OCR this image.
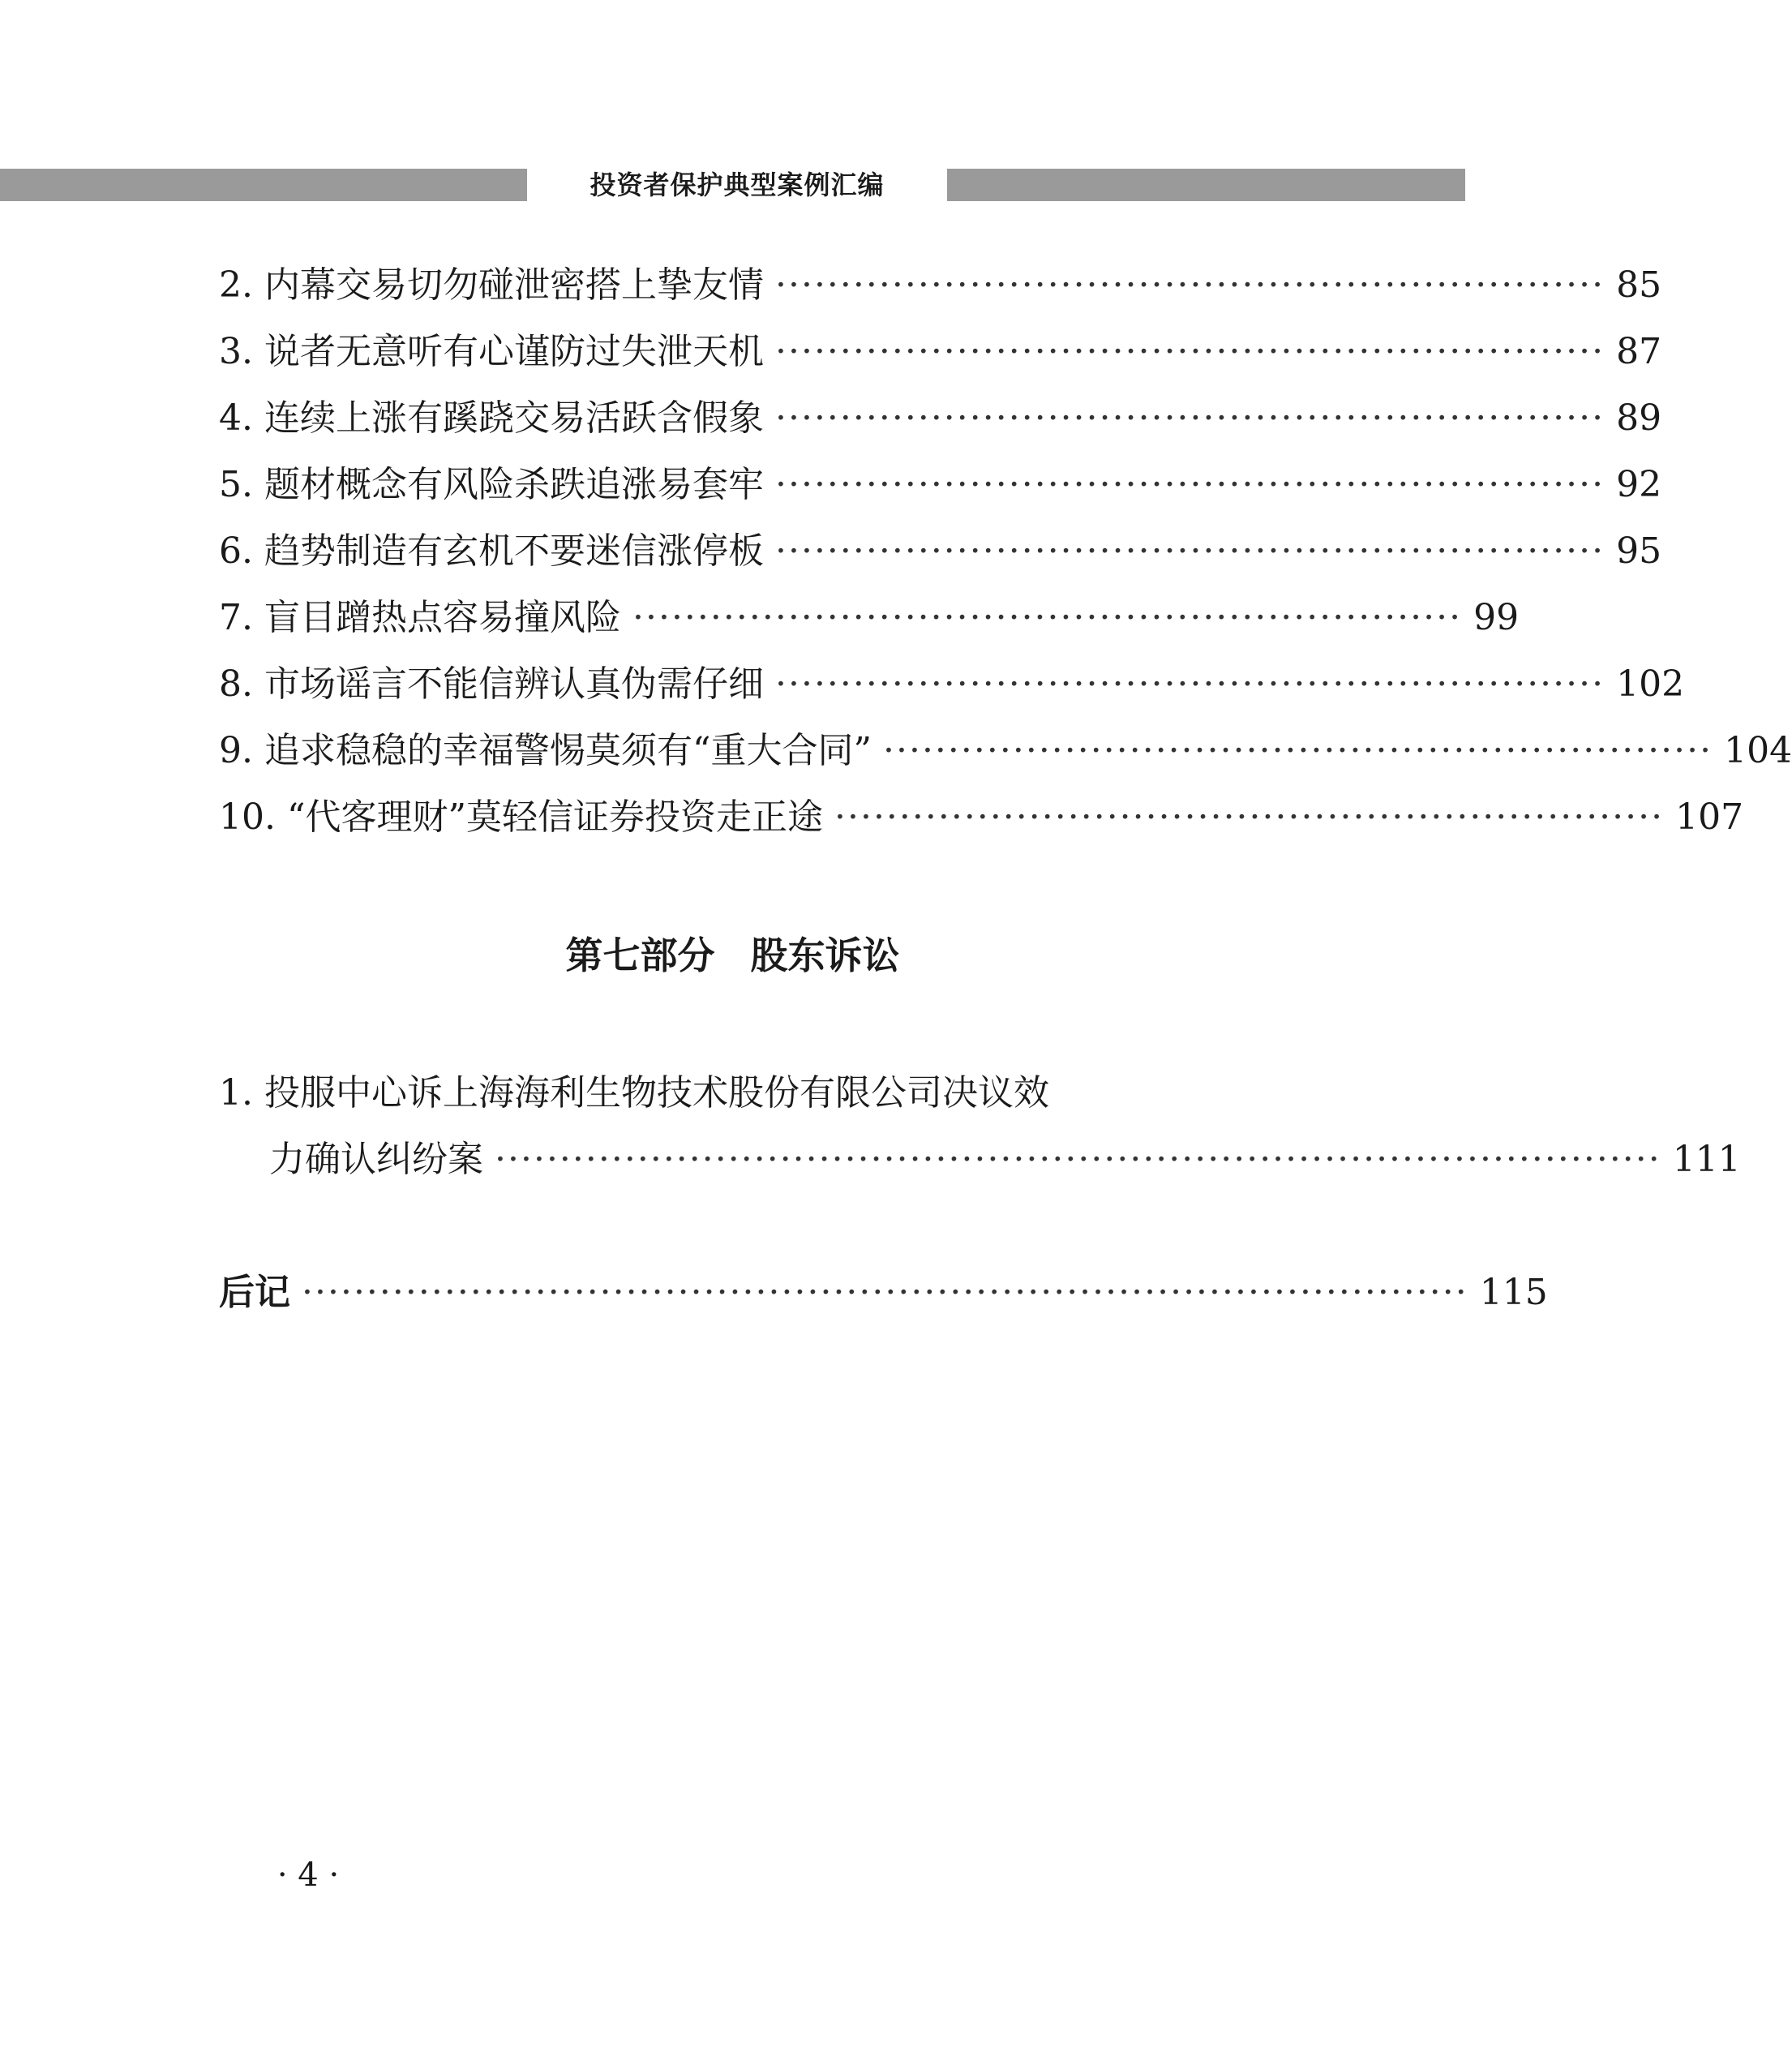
投资者保护典型案例汇编
2.
内幕交易切勿碰 泄密搭上挚友情 ································································ 85
3.
说者无意听有心 谨防过失泄天机 ································································ 87
4.
连续上涨有蹊跷 交易活跃含假象 ································································ 89
5.
题材概念有风险 杀跌追涨易套牢 ································································ 92
6.
趋势制造有玄机 不要迷信涨停板 ································································ 95
7.
盲目蹭热点 容易撞风险 ································································ 99
8.
市场谣言不能信 辨认真伪需仔细 ································································ 102
9.
追求稳稳的幸福 警惕莫须有“重大合同” ································································ 104
10.
“代客理财”莫轻信 证券投资走正途 ································································ 107
第七部分 股东诉讼
1. 投服中心诉上海海利生物技术股份有限公司决议效
力确认纠纷案 ·························································································· 111
后记 ·························································································· 115
· 4 ·
